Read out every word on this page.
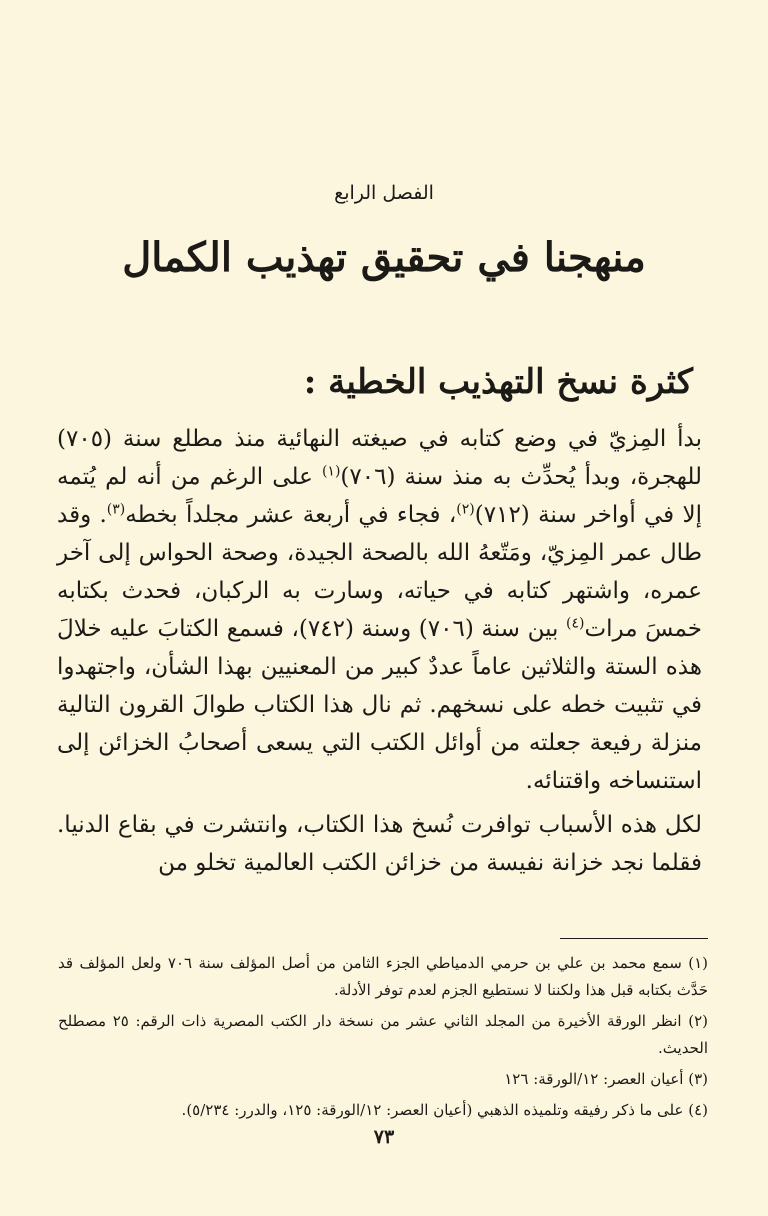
الفصل الرابع
منهجنا في تحقيق تهذيب الكمال
كثرة نسخ التهذيب الخطية :

بدأ المِزيّ في وضع كتابه في صيغته النهائية منذ مطلع سنة (٧٠٥) للهجرة، وبدأ يُحدِّث به منذ سنة (٧٠٦)$^{(١)}$ على الرغم من أنه لم يُتمه إلا في أواخر سنة (٧١٢)$^{(٢)}$، فجاء في أربعة عشر مجلداً بخطه$^{(٣)}$. وقد طال عمر المِزيّ، ومَتّعهُ الله بالصحة الجيدة، وصحة الحواس إلى آخر عمره، واشتهر كتابه في حياته، وسارت به الركبان، فحدث بكتابه خمسَ مرات$^{(٤)}$ بين سنة (٧٠٦) وسنة (٧٤٢)، فسمع الكتابَ عليه خلالَ هذه الستة والثلاثين عاماً عددٌ كبير من المعنيين بهذا الشأن، واجتهدوا في تثبيت خطه على نسخهم. ثم نال هذا الكتاب طوالَ القرون التالية منزلة رفيعة جعلته من أوائل الكتب التي يسعى أصحابُ الخزائن إلى استنساخه واقتنائه.

لكل هذه الأسباب توافرت نُسخ هذا الكتاب، وانتشرت في بقاع الدنيا. فقلما نجد خزانة نفيسة من خزائن الكتب العالمية تخلو من

(١) سمع محمد بن علي بن حرمي الدمياطي الجزء الثامن من أصل المؤلف سنة ٧٠٦ ولعل المؤلف قد حَدَّث بكتابه قبل هذا ولكننا لا نستطيع الجزم لعدم توفر الأدلة.

(٢) انظر الورقة الأخيرة من المجلد الثاني عشر من نسخة دار الكتب المصرية ذات الرقم: ٢٥ مصطلح الحديث.

(٣) أعيان العصر: ١٢/الورقة: ١٢٦

(٤) على ما ذكر رفيقه وتلميذه الذهبي (أعيان العصر: ١٢/الورقة: ١٢٥، والدرر: ٥/٢٣٤).

٧٣
